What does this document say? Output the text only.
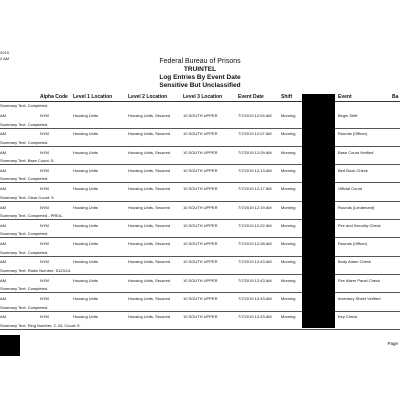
2019
2 AM	Federal Bureau of Prisons
TRUINTEL
Log Entries By Event Date
Sensitive But Unclassified
Alpha Code Level 1 Location	Level 2 Location	Level 3 Location	Event Date	Shift	Event	Ba
Summary Text: Completed.
AM	NYM	Housing Units	Housing Units, Secured	10 SOUTH UPPER	7/7/2019 12:04 AM Morning	Begin Shift
Summary Text: Completed.
AM	NYM	Housing Units	Housing Units, Secured	10 SOUTH UPPER	7/7/2019 12:07 AM Morning	Rounds (Officer)
Summary Text: Completed.
AM	NYM	Housing Units	Housing Units, Secured	10 SOUTH UPPER	7/7/2019 12:09 AM Morning	Base Count Verified
Summary Text: Base Count: 5.
AM	NYM	Housing Units	Housing Units, Secured	10 SOUTH UPPER	7/7/2019 12:13 AM Morning	Bed Book Check
Summary Text: Completed.
AM	NYM	Housing Units	Housing Units, Secured	10 SOUTH UPPER	7/7/2019 12:17 AM Morning	Official Count
Summary Text: Clear Count: 5.
AM	NYM	Housing Units	Housing Units, Secured	10 SOUTH UPPER	7/7/2019 12:19 AM Morning	Rounds (Lieutenant)
Summary Text: Completed - PREA.
AM	NYM	Housing Units	Housing Units, Secured	10 SOUTH UPPER	7/7/2019 12:22 AM Morning	Fire and Security Check
Summary Text: Completed.
AM	NYM	Housing Units	Housing Units, Secured	10 SOUTH UPPER	7/7/2019 12:38 AM Morning	Rounds (Officer)
Summary Text: Completed.
AM	NYM	Housing Units	Housing Units, Secured	10 SOUTH UPPER	7/7/2019 12:43 AM Morning	Body Alarm Check
Summary Text: Radio Number: 5123/13.
AM	NYM	Housing Units	Housing Units, Secured	10 SOUTH UPPER	7/7/2019 12:43 AM Morning	Fire Alarm Panel Check
Summary Text: Completed.
AM	NYM	Housing Units	Housing Units, Secured	10 SOUTH UPPER	7/7/2019 12:43 AM Morning	Inventory Sheet Verified
Summary Text: Completed.
AM	NYM	Housing Units	Housing Units, Secured	10 SOUTH UPPER	7/7/2019 12:43 AM Morning	Key Check
Summary Text: Ring Number: C-34, Count: 5.
Page
